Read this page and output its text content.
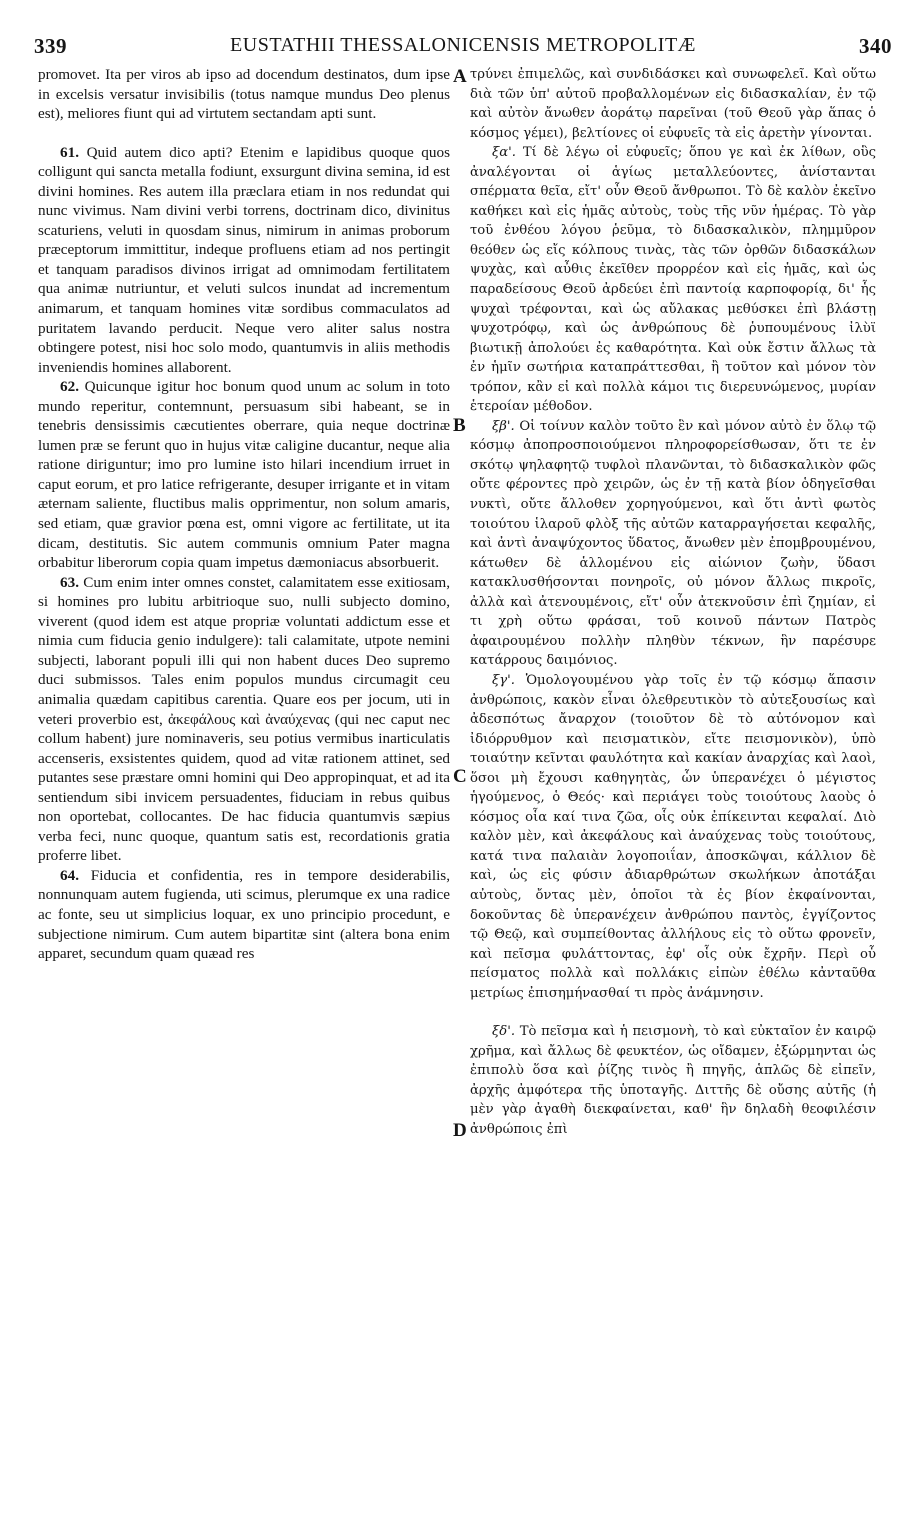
339	EUSTATHII THESSALONICENSIS METROPOLITÆ	340

promovet. Ita per viros ab ipso ad docendum destinatos, dum ipse in excelsis versatur invisibilis (totus namque mundus Deo plenus est), meliores fiunt qui ad virtutem sectandam apti sunt.

61. Quid autem dico apti? Etenim e lapidibus quoque quos colligunt qui sancta metalla fodiunt, exsurgunt divina semina, id est divini homines. Res autem illa præclara etiam in nos redundat qui nunc vivimus. Nam divini verbi torrens, doctrinam dico, divinitus scaturiens, veluti in quosdam sinus, nimirum in animas proborum præceptorum immittitur, indeque profluens etiam ad nos pertingit et tanquam paradisos divinos irrigat ad omnimodam fertilitatem qua animæ nutriuntur, et veluti sulcos inundat ad incrementum animarum, et tanquam homines vitæ sordibus commaculatos ad puritatem lavando perducit. Neque vero aliter salus nostra obtingere potest, nisi hoc solo modo, quantumvis in aliis methodis inveniendis homines allaborent.

62. Quicunque igitur hoc bonum quod unum ac solum in toto mundo reperitur, contemnunt, persuasum sibi habeant, se in tenebris densissimis cæcutientes oberrare, quia neque doctrinæ lumen præ se ferunt quo in hujus vitæ caligine ducantur, neque alia ratione diriguntur; imo pro lumine isto hilari incendium irruet in caput eorum, et pro latice refrigerante, desuper irrigante et in vitam æternam saliente, fluctibus malis opprimentur, non solum amaris, sed etiam, quæ gravior pœna est, omni vigore ac fertilitate, ut ita dicam, destitutis. Sic autem communis omnium Pater magna orbabitur liberorum copia quam impetus dæmoniacus absorbuerit.

63. Cum enim inter omnes constet, calamitatem esse exitiosam, si homines pro lubitu arbitrioque suo, nulli subjecto domino, viverent (quod idem est atque propriæ voluntati addictum esse et nimia cum fiducia genio indulgere): tali calamitate, utpote nemini subjecti, laborant populi illi qui non habent duces Deo supremo duci submissos. Tales enim populos mundus circumagit ceu animalia quædam capitibus carentia. Quare eos per jocum, uti in veteri proverbio est, ἀκεφάλους καὶ ἀναύχενας (qui nec caput nec collum habent) jure nominaveris, seu potius vermibus inarticulatis accenseris, exsistentes quidem, quod ad vitæ rationem attinet, sed putantes sese præstare omni homini qui Deo appropinquat, et ad ita sentiendum sibi invicem persuadentes, fiduciam in rebus quibus non oportebat, collocantes. De hac fiducia quantumvis sæpius verba feci, nunc quoque, quantum satis est, recordationis gratia proferre libet.

64. Fiducia et confidentia, res in tempore desiderabilis, nonnunquam autem fugienda, uti scimus, plerumque ex una radice ac fonte, seu ut simplicius loquar, ex uno principio procedunt, e subjectione nimirum. Cum autem bipartitæ sint (altera bona enim apparet, secundum quam quæad res

A
B
C
D

τρύνει ἐπιμελῶς, καὶ συνδιδάσκει καὶ συνωφελεῖ. Καὶ οὕτω διὰ τῶν ὑπ' αὐτοῦ προβαλλομένων εἰς διδασκαλίαν, ἐν τῷ καὶ αὐτὸν ἄνωθεν ἀοράτῳ παρεῖναι (τοῦ Θεοῦ γὰρ ἅπας ὁ κόσμος γέμει), βελτίονες οἱ εὐφυεῖς τὰ εἰς ἀρετὴν γίνονται.

ξα'. Τί δὲ λέγω οἱ εὐφυεῖς; ὅπου γε καὶ ἐκ λίθων, οὓς ἀναλέγονται οἱ ἁγίως μεταλλεύοντες, ἀνίστανται σπέρματα θεῖα, εἴτ' οὖν Θεοῦ ἄνθρωποι. Τὸ δὲ καλὸν ἐκεῖνο καθήκει καὶ εἰς ἡμᾶς αὐτοὺς, τοὺς τῆς νῦν ἡμέρας. Τὸ γὰρ τοῦ ἐνθέου λόγου ῥεῦμα, τὸ διδασκαλικὸν, πλημμῦρον θεόθεν ὡς εἴς κόλπους τινὰς, τὰς τῶν ὀρθῶν διδασκάλων ψυχὰς, καὶ αὖθις ἐκεῖθεν προρρέον καὶ εἰς ἡμᾶς, καὶ ὡς παραδείσους Θεοῦ ἀρδεύει ἐπὶ παντοίᾳ καρποφορίᾳ, δι' ἧς ψυχαὶ τρέφονται, καὶ ὡς αὔλακας μεθύσκει ἐπὶ βλάστῃ ψυχοτρόφῳ, καὶ ὡς ἀνθρώπους δὲ ῥυπουμένους ἰλὺϊ βιωτικῇ ἀπολούει ἐς καθαρότητα. Καὶ οὐκ ἔστιν ἄλλως τὰ ἐν ἡμῖν σωτήρια καταπράττεσθαι, ἢ τοῦτον καὶ μόνον τὸν τρόπον, κἂν εἰ καὶ πολλὰ κάμοι τις διερευνώμενος, μυρίαν ἑτεροίαν μέθοδον.

ξβ'. Οἱ τοίνυν καλὸν τοῦτο ἓν καὶ μόνον αὐτὸ ἐν ὅλῳ τῷ κόσμῳ ἀποπροσποιούμενοι πληροφορείσθωσαν, ὅτι τε ἐν σκότῳ ψηλαφητῷ τυφλοὶ πλανῶνται, τὸ διδασκαλικὸν φῶς οὔτε φέροντες πρὸ χειρῶν, ὡς ἐν τῇ κατὰ βίον ὁδηγεῖσθαι νυκτὶ, οὔτε ἄλλοθεν χορηγούμενοι, καὶ ὅτι ἀντὶ φωτὸς τοιούτου ἱλαροῦ φλὸξ τῆς αὐτῶν καταρραγήσεται κεφαλῆς, καὶ ἀντὶ ἀναψύχοντος ὕδατος, ἄνωθεν μὲν ἐπομβρουμένου, κάτωθεν δὲ ἁλλομένου εἰς αἰώνιον ζωὴν, ὕδασι κατακλυσθήσονται πονηροῖς, οὐ μόνον ἄλλως πικροῖς, ἀλλὰ καὶ ἀτενουμένοις, εἴτ' οὖν ἀτεκνοῦσιν ἐπὶ ζημίαν, εἰ τι χρὴ οὕτω φράσαι, τοῦ κοινοῦ πάντων Πατρὸς ἀφαιρουμένου πολλὴν πληθὺν τέκνων, ἣν παρέσυρε κατάρρους δαιμόνιος.

ξγ'. Ὁμολογουμένου γὰρ τοῖς ἐν τῷ κόσμῳ ἅπασιν ἀνθρώποις, κακὸν εἶναι ὀλεθρευτικὸν τὸ αὐτεξουσίως καὶ ἀδεσπότως ἄναρχον (τοιοῦτον δὲ τὸ αὐτόνομον καὶ ἰδιόρρυθμον καὶ πεισματικὸν, εἴτε πεισμονικὸν), ὑπὸ τοιαύτην κεῖνται φαυλότητα καὶ κακίαν ἀναρχίας καὶ λαοὶ, ὅσοι μὴ ἔχουσι καθηγητὰς, ὧν ὑπερανέχει ὁ μέγιστος ἡγούμενος, ὁ Θεός· καὶ περιάγει τοὺς τοιούτους λαοὺς ὁ κόσμος οἷα καί τινα ζῶα, οἷς οὐκ ἐπίκεινται κεφαλαί. Διὸ καλὸν μὲν, καὶ ἀκεφάλους καὶ ἀναύχενας τοὺς τοιούτους, κατά τινα παλαιὰν λογοποιΐαν, ἀποσκῶψαι, κάλλιον δὲ καὶ, ὡς εἰς φύσιν ἀδιαρθρώτων σκωλήκων ἀποτάξαι αὐτοὺς, ὄντας μὲν, ὁποῖοι τὰ ἐς βίον ἐκφαίνονται, δοκοῦντας δὲ ὑπερανέχειν ἀνθρώπου παντὸς, ἐγγίζοντος τῷ Θεῷ, καὶ συμπείθοντας ἀλλήλους εἰς τὸ οὕτω φρονεῖν, καὶ πεῖσμα φυλάττοντας, ἐφ' οἷς οὐκ ἔχρῆν. Περὶ οὗ πείσματος πολλὰ καὶ πολλάκις εἰπὼν ἐθέλω κἀνταῦθα μετρίως ἐπισημήνασθαί τι πρὸς ἀνάμνησιν.

ξδ'. Τὸ πεῖσμα καὶ ἡ πεισμονὴ, τὸ καὶ εὐκταῖον ἐν καιρῷ χρῆμα, καὶ ἄλλως δὲ φευκτέον, ὡς οἴδαμεν, ἐξώρμηνται ὡς ἐπιπολὺ ὅσα καὶ ῥίζης τινὸς ἢ πηγῆς, ἁπλῶς δὲ εἰπεῖν, ἀρχῆς ἀμφότερα τῆς ὑποταγῆς. Διττῆς δὲ οὔσης αὐτῆς (ἡ μὲν γὰρ ἀγαθὴ διεκφαίνεται, καθ' ἣν δηλαδὴ θεοφιλέσιν ἀνθρώποις ἐπὶ
